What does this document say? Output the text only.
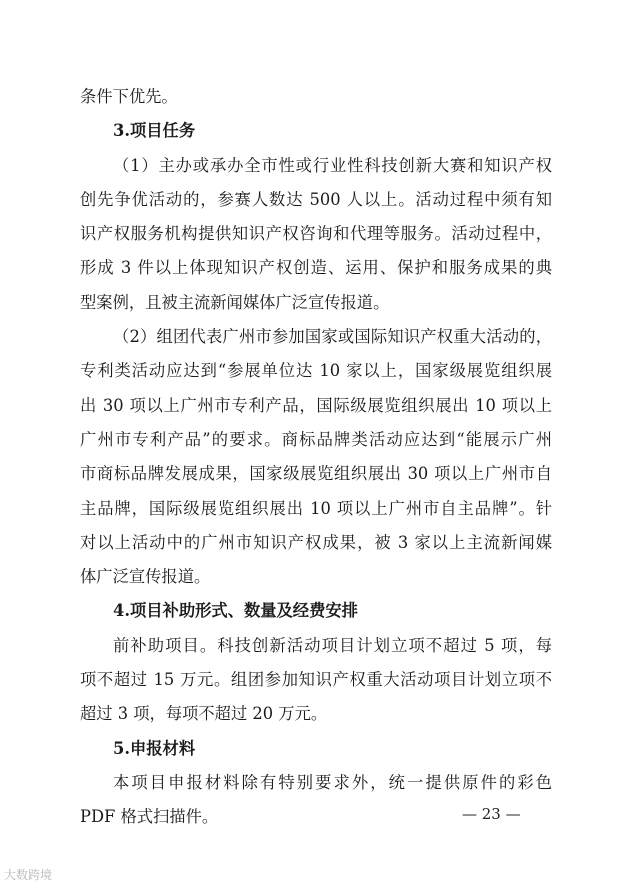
条件下优先。
3.项目任务
（1）主办或承办全市性或行业性科技创新大赛和知识产权
创先争优活动的，参赛人数达 500 人以上。活动过程中须有知
识产权服务机构提供知识产权咨询和代理等服务。活动过程中，
形成 3 件以上体现知识产权创造、运用、保护和服务成果的典
型案例，且被主流新闻媒体广泛宣传报道。
（2）组团代表广州市参加国家或国际知识产权重大活动的，
专利类活动应达到“参展单位达 10 家以上，国家级展览组织展
出 30 项以上广州市专利产品，国际级展览组织展出 10 项以上
广州市专利产品”的要求。商标品牌类活动应达到“能展示广州
市商标品牌发展成果，国家级展览组织展出 30 项以上广州市自
主品牌，国际级展览组织展出 10 项以上广州市自主品牌”。针
对以上活动中的广州市知识产权成果，被 3 家以上主流新闻媒
体广泛宣传报道。
4.项目补助形式、数量及经费安排
前补助项目。科技创新活动项目计划立项不超过 5 项，每
项不超过 15 万元。组团参加知识产权重大活动项目计划立项不
超过 3 项，每项不超过 20 万元。
5.申报材料
本项目申报材料除有特别要求外，统一提供原件的彩色
PDF 格式扫描件。	— 23 —
大数跨境
